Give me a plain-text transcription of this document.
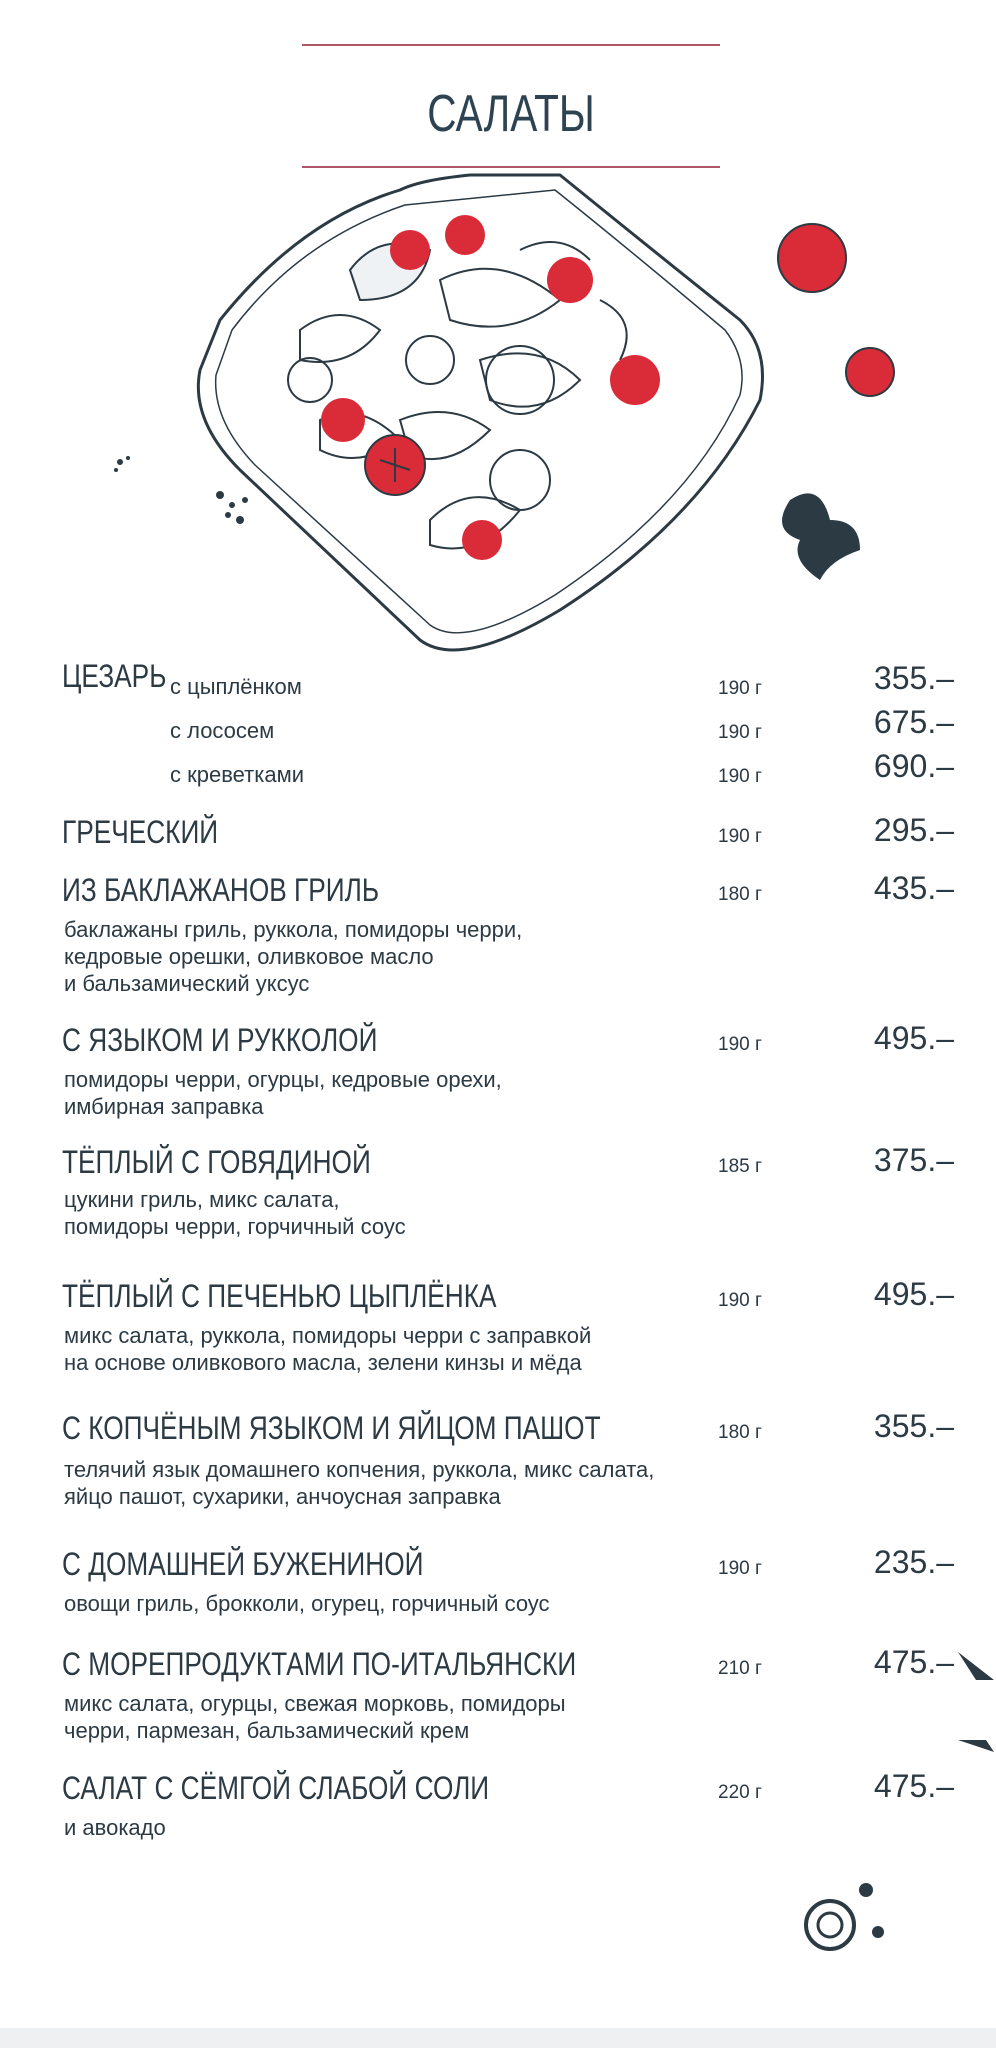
САЛАТЫ
ЦЕЗАРЬ с цыплёнком	190 г	355.–
с лососем	190 г	675.–
с креветками	190 г	690.–
ГРЕЧЕСКИЙ	190 г	295.–
ИЗ БАКЛАЖАНОВ ГРИЛЬ	180 г	435.–
баклажаны гриль, руккола, помидоры черри,
кедровые орешки, оливковое масло
и бальзамический уксус
С ЯЗЫКОМ И РУККОЛОЙ	190 г	495.–
помидоры черри, огурцы, кедровые орехи,
имбирная заправка
ТЁПЛЫЙ С ГОВЯДИНОЙ	185 г	375.–
цукини гриль, микс салата,
помидоры черри, горчичный соус
ТЁПЛЫЙ С ПЕЧЕНЬЮ ЦЫПЛЁНКА	190 г	495.–
микс салата, руккола, помидоры черри с заправкой
на основе оливкового масла, зелени кинзы и мёда
С КОПЧЁНЫМ ЯЗЫКОМ И ЯЙЦОМ ПАШОТ	180 г	355.–
телячий язык домашнего копчения, руккола, микс салата,
яйцо пашот, сухарики, анчоусная заправка
С ДОМАШНЕЙ БУЖЕНИНОЙ	190 г	235.–
овощи гриль, брокколи, огурец, горчичный соус
С МОРЕПРОДУКТАМИ ПО-ИТАЛЬЯНСКИ	210 г	475.–
микс салата, огурцы, свежая морковь, помидоры
черри, пармезан, бальзамический крем
САЛАТ С СЁМГОЙ СЛАБОЙ СОЛИ	220 г	475.–
и авокадо
